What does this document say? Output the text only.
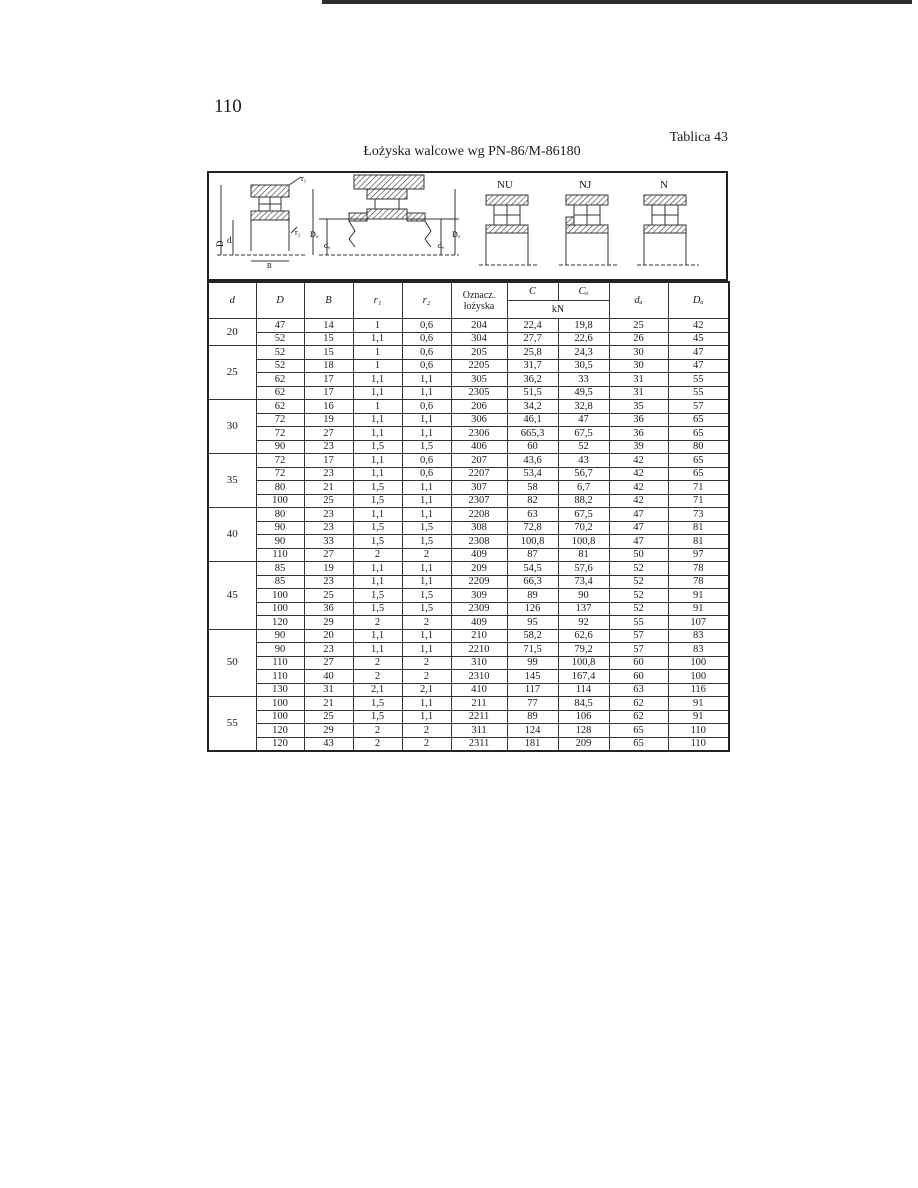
110
Tablica 43
Łożyska walcowe wg PN-86/M-86180
D d
B
r₁
r₂ Dₐ
dₐ	dₐ
Dₐ
NU	NJ	N
d	D	B	r₁	r₂	Oznacz. łożyska	C	Cₒ	dₐ	Dₐ
						kN			
20	47	14	1	0,6	204	22,4	19,8	25	42
	52	15	1,1	0,6	304	27,7	22,6	26	45
25	52	15	1	0,6	205	25,8	24,3	30	47
	52	18	1	0,6	2205	31,7	30,5	30	47
	62	17	1,1	1,1	305	36,2	33	31	55
	62	17	1,1	1,1	2305	51,5	49,5	31	55
30	62	16	1	0,6	206	34,2	32,8	35	57
	72	19	1,1	1,1	306	46,1	47	36	65
	72	27	1,1	1,1	2306	665,3	67,5	36	65
	90	23	1,5	1,5	406	60	52	39	80
35	72	17	1,1	0,6	207	43,6	43	42	65
	72	23	1,1	0,6	2207	53,4	56,7	42	65
	80	21	1,5	1,1	307	58	6,7	42	71
	100	25	1,5	1,1	2307	82	88,2	42	71
40	80	23	1,1	1,1	2208	63	67,5	47	73
	90	23	1,5	1,5	308	72,8	70,2	47	81
	90	33	1,5	1,5	2308	100,8	100,8	47	81
	110	27	2	2	409	87	81	50	97
45	85	19	1,1	1,1	209	54,5	57,6	52	78
	85	23	1,1	1,1	2209	66,3	73,4	52	78
	100	25	1,5	1,5	309	89	90	52	91
	100	36	1,5	1,5	2309	126	137	52	91
	120	29	2	2	409	95	92	55	107
50	90	20	1,1	1,1	210	58,2	62,6	57	83
	90	23	1,1	1,1	2210	71,5	79,2	57	83
	110	27	2	2	310	99	100,8	60	100
	110	40	2	2	2310	145	167,4	60	100
	130	31	2,1	2,1	410	117	114	63	116
55	100	21	1,5	1,1	211	77	84,5	62	91
	100	25	1,5	1,1	2211	89	106	62	91
	120	29	2	2	311	124	128	65	110
	120	43	2	2	2311	181	209	65	110
